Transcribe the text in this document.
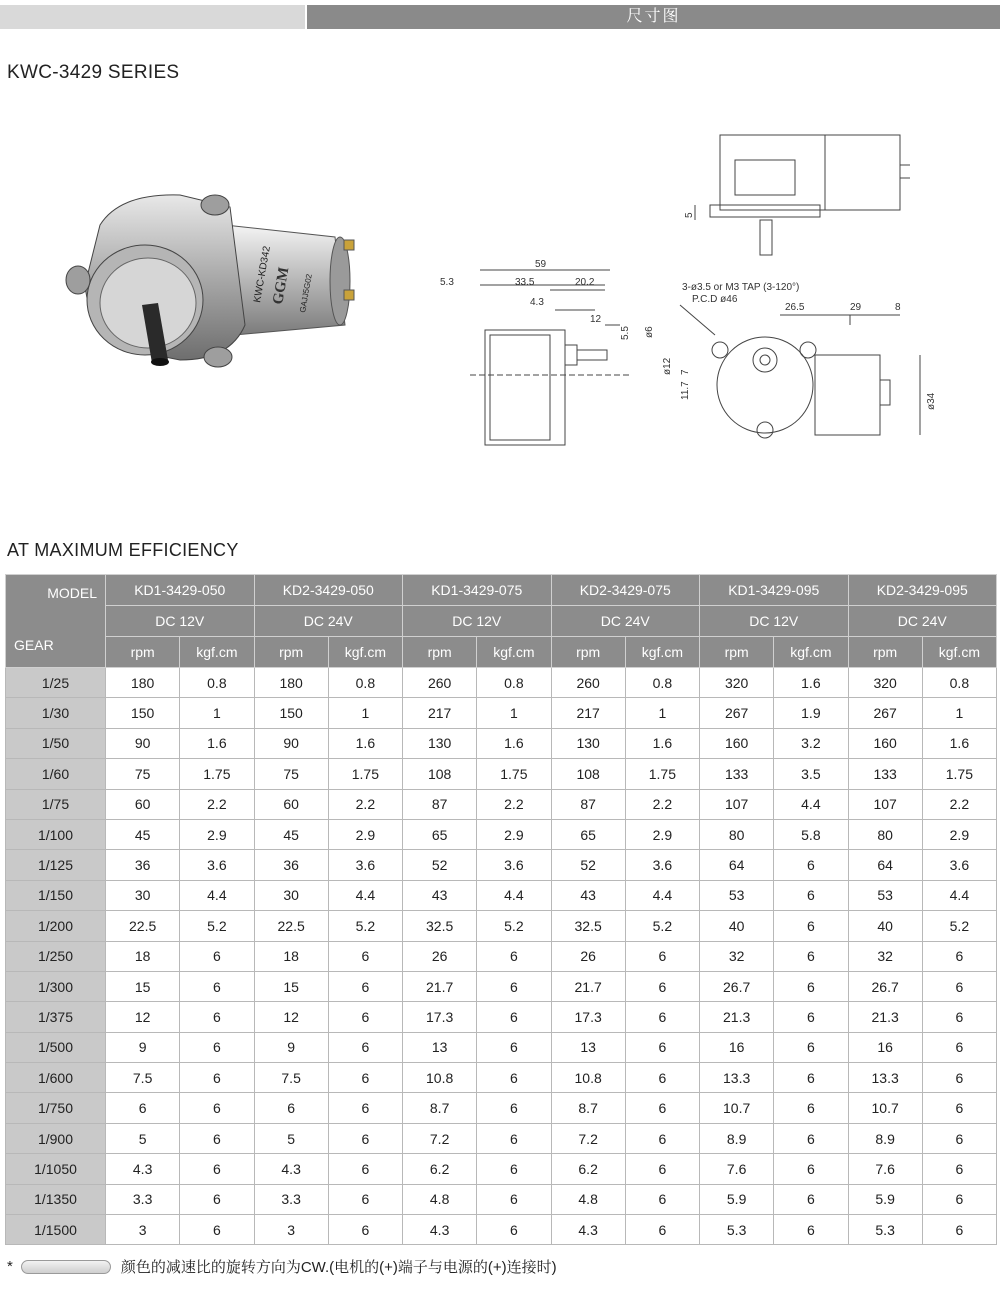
尺寸图
KWC-3429 SERIES
KWC-KD342
GGM GAJJ5G02
59
5.3	33.5	20.2
4.3
12
5.5 ø6
ø12
11.7
7
5
3-ø3.5 or M3 TAP (3-120°)
P.C.D ø46
26.5	29	8
ø34
AT MAXIMUM EFFICIENCY
MODEL
GEAR	KD1-3429-050		KD2-3429-050		KD1-3429-075		KD2-3429-075		KD1-3429-095		KD2-3429-095	
	DC 12V		DC 24V		DC 12V		DC 24V		DC 12V		DC 24V	
	rpm	kgf.cm	rpm	kgf.cm	rpm	kgf.cm	rpm	kgf.cm	rpm	kgf.cm	rpm	kgf.cm
1/25	180	0.8	180	0.8	260	0.8	260	0.8	320	1.6	320	0.8
1/30	150	1	150	1	217	1	217	1	267	1.9	267	1
1/50	90	1.6	90	1.6	130	1.6	130	1.6	160	3.2	160	1.6
1/60	75	1.75	75	1.75	108	1.75	108	1.75	133	3.5	133	1.75
1/75	60	2.2	60	2.2	87	2.2	87	2.2	107	4.4	107	2.2
1/100	45	2.9	45	2.9	65	2.9	65	2.9	80	5.8	80	2.9
1/125	36	3.6	36	3.6	52	3.6	52	3.6	64	6	64	3.6
1/150	30	4.4	30	4.4	43	4.4	43	4.4	53	6	53	4.4
1/200	22.5	5.2	22.5	5.2	32.5	5.2	32.5	5.2	40	6	40	5.2
1/250	18	6	18	6	26	6	26	6	32	6	32	6
1/300	15	6	15	6	21.7	6	21.7	6	26.7	6	26.7	6
1/375	12	6	12	6	17.3	6	17.3	6	21.3	6	21.3	6
1/500	9	6	9	6	13	6	13	6	16	6	16	6
1/600	7.5	6	7.5	6	10.8	6	10.8	6	13.3	6	13.3	6
1/750	6	6	6	6	8.7	6	8.7	6	10.7	6	10.7	6
1/900	5	6	5	6	7.2	6	7.2	6	8.9	6	8.9	6
1/1050	4.3	6	4.3	6	6.2	6	6.2	6	7.6	6	7.6	6
1/1350	3.3	6	3.3	6	4.8	6	4.8	6	5.9	6	5.9	6
1/1500	3	6	3	6	4.3	6	4.3	6	5.3	6	5.3	6
*	颜色的减速比的旋转方向为CW.(电机的(+)端子与电源的(+)连接时)
